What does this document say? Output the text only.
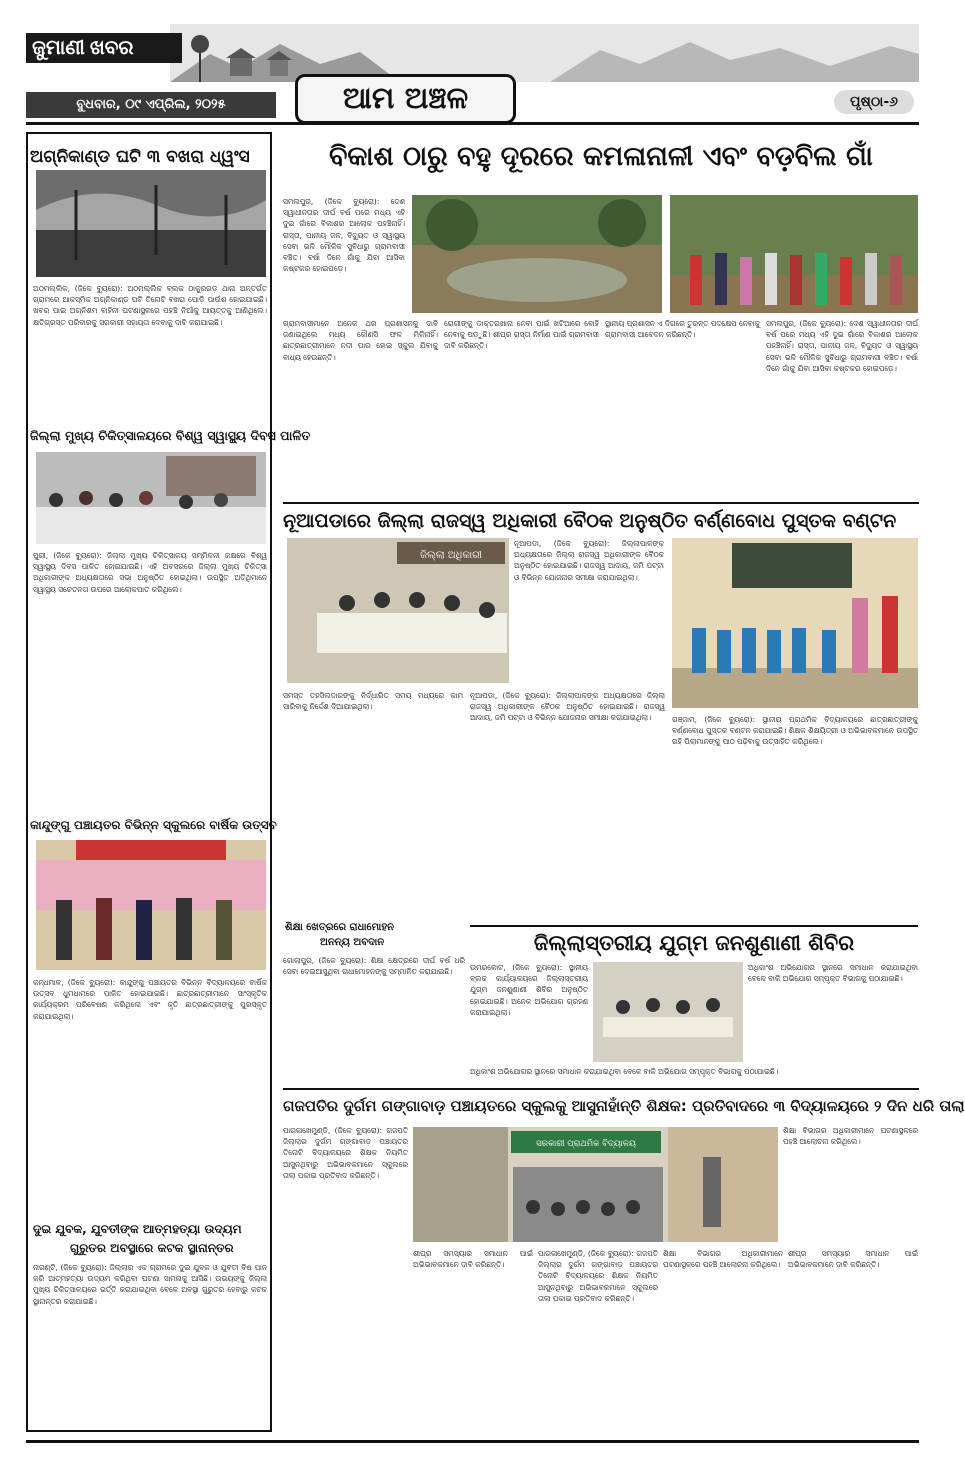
ଜୁମାଣୀ ଖବର
ବୁଧବାର, ୦୯ ଏପ୍ରିଲ, ୨୦୨୫	ଆମ ଅଞ୍ଚଳ	ପୃଷ୍ଠା-୬
ଅଗ୍ନିକାଣ୍ଡ ଘଟି ୩ ବଖରା ଧ୍ୱଂସ
ଅଠମଲ୍ଲିକ, (ଜିକେ ବ୍ୟୁରୋ): ଅଠମଲ୍ଲିକ ବ୍ଲକ ଠାକୁରଗଡ଼ ଥାନା ଅନ୍ତର୍ଗତ ଗ୍ରାମରେ ଆକସ୍ମିକ ଅଗ୍ନିକାଣ୍ଡ ଘଟି ତିନୋଟି ବଖରା ପୋଡ଼ି ପାଉଁଶ ହୋଇଯାଇଛି। ଖବର ପାଇ ଅଗ୍ନିଶମ ବାହିନୀ ଘଟଣାସ୍ଥଳରେ ପହଞ୍ଚି ନିଆଁକୁ ଆୟତ୍ତକୁ ଆଣିଥିଲେ। କ୍ଷତିଗ୍ରସ୍ତ ପରିବାରକୁ ସରକାରୀ ସହାୟତା ଦେବାକୁ ଦାବି କରାଯାଇଛି।
ଜିଲ୍ଲା ମୁଖ୍ୟ ଚିକିତ୍ସାଳୟରେ ବିଶ୍ୱ ସ୍ୱାସ୍ଥ୍ୟ ଦିବସ ପାଳିତ
ପୁରୀ, (ଜିକେ ବ୍ୟୁରୋ): ଜିଲ୍ଲା ମୁଖ୍ୟ ଚିକିତ୍ସାଳୟ ସମ୍ମିଳନୀ କକ୍ଷରେ ବିଶ୍ୱ ସ୍ୱାସ୍ଥ୍ୟ ଦିବସ ପାଳିତ ହୋଇଯାଇଛି। ଏହି ଅବସରରେ ଜିଲ୍ଲା ମୁଖ୍ୟ ଚିକିତ୍ସା ଅଧିକାରୀଙ୍କ ଅଧ୍ୟକ୍ଷତାରେ ସଭା ଅନୁଷ୍ଠିତ ହୋଇଥିଲା। ଉପସ୍ଥିତ ଅତିଥିମାନେ ସ୍ୱାସ୍ଥ୍ୟ ସଚେତନତା ଉପରେ ଆଲୋକପାତ କରିଥିଲେ।
କାନ୍ଦୁଙ୍ଗୁ ପଞ୍ଚାୟତର ବିଭିନ୍ନ ସ୍କୁଲରେ ବାର୍ଷିକ ଉତ୍ସବ
କନ୍ଧମାଳ, (ଜିକେ ବ୍ୟୁରୋ): କାନ୍ଦୁଙ୍ଗୁ ପଞ୍ଚାୟତର ବିଭିନ୍ନ ବିଦ୍ୟାଳୟରେ ବାର୍ଷିକ ଉତ୍ସବ ଧୁମଧାମରେ ପାଳିତ ହୋଇଯାଇଛି। ଛାତ୍ରଛାତ୍ରୀମାନେ ସାଂସ୍କୃତିକ କାର୍ଯ୍ୟକ୍ରମ ପରିବେଷଣ କରିଥିଲେ ଏବଂ କୃତି ଛାତ୍ରଛାତ୍ରୀଙ୍କୁ ପୁରସ୍କୃତ କରାଯାଇଥିଲା।
ଦୁଇ ଯୁବକ, ଯୁବତୀଙ୍କ ଆତ୍ମହତ୍ୟା ଉଦ୍ୟମ
ଗୁରୁତର ଅବସ୍ଥାରେ କଟକ ସ୍ଥାନାନ୍ତର
ନାରଣ୍ଟି, (ଜିକେ ବ୍ୟୁରୋ): ଜିଲ୍ଲାର ଏକ ଗ୍ରାମରେ ଦୁଇ ଯୁବକ ଓ ଯୁବତୀ ବିଷ ପାନ କରି ଆତ୍ମହତ୍ୟା ଉଦ୍ୟମ କରିଥିବା ଘଟଣା ସାମନାକୁ ଆସିଛି। ଉଭୟଙ୍କୁ ଜିଲ୍ଲା ମୁଖ୍ୟ ଚିକିତ୍ସାଳୟରେ ଭର୍ତ୍ତି କରାଯାଇଥିବା ବେଳେ ଅବସ୍ଥା ଗୁରୁତର ହେବାରୁ କଟକ ସ୍ଥାନାନ୍ତର କରାଯାଇଛି।
ବିକାଶ ଠାରୁ ବହୁ ଦୂରରେ କମଳାନାଳୀ ଏବଂ ବଡ଼ବିଲ ଗାଁ
ସମଲପୁର, (ଜିକେ ବ୍ୟୁରୋ): ଦେଶ ସ୍ୱାଧୀନତାର ଦୀର୍ଘ ବର୍ଷ ପରେ ମଧ୍ୟ ଏହି ଦୁଇ ଗାଁରେ ବିକାଶର ଆଲୋକ ପହଞ୍ଚିନାହିଁ। ରାସ୍ତା, ପାନୀୟ ଜଳ, ବିଦ୍ୟୁତ ଓ ସ୍ୱାସ୍ଥ୍ୟ ସେବା ଭଳି ମୌଳିକ ସୁବିଧାରୁ ଗ୍ରାମବାସୀ ବଞ୍ଚିତ। ବର୍ଷା ଦିନେ ଗାଁକୁ ଯିବା ଆସିବା କଷ୍ଟକର ହୋଇପଡ଼େ।
ଗ୍ରାମବାସୀମାନେ ଅନେକ ଥର ପ୍ରଶାସନକୁ ଦାବି ଜଣାଇଥିଲେ ମଧ୍ୟ କୌଣସି ଫଳ ମିଳିନାହିଁ। ଛାତ୍ରଛାତ୍ରୀମାନେ ନଦୀ ପାର ହୋଇ ସ୍କୁଲ ଯିବାକୁ ବାଧ୍ୟ ହେଉଛନ୍ତି।
ରୋଗୀଙ୍କୁ ଡାକ୍ତରଖାନା ନେବା ପାଇଁ ଖଟିଆରେ ବୋହି ନେବାକୁ ପଡ଼ୁଛି। ଶୀଘ୍ର ରାସ୍ତା ନିର୍ମାଣ ପାଇଁ ଗ୍ରାମବାସୀ ଦାବି କରିଛନ୍ତି।
ସ୍ଥାନୀୟ ପ୍ରଶାସନ ଏ ଦିଗରେ ତୁରନ୍ତ ପଦକ୍ଷେପ ନେବାକୁ ଗ୍ରାମବାସୀ ଆବେଦନ କରିଛନ୍ତି।
ସମଲପୁର, (ଜିକେ ବ୍ୟୁରୋ): ଦେଶ ସ୍ୱାଧୀନତାର ଦୀର୍ଘ ବର୍ଷ ପରେ ମଧ୍ୟ ଏହି ଦୁଇ ଗାଁରେ ବିକାଶର ଆଲୋକ ପହଞ୍ଚିନାହିଁ। ରାସ୍ତା, ପାନୀୟ ଜଳ, ବିଦ୍ୟୁତ ଓ ସ୍ୱାସ୍ଥ୍ୟ ସେବା ଭଳି ମୌଳିକ ସୁବିଧାରୁ ଗ୍ରାମବାସୀ ବଞ୍ଚିତ। ବର୍ଷା ଦିନେ ଗାଁକୁ ଯିବା ଆସିବା କଷ୍ଟକର ହୋଇପଡ଼େ।
ନୂଆପଡାରେ ଜିଲ୍ଲା ରାଜସ୍ୱ ଅଧିକାରୀ ବୈଠକ ଅନୁଷ୍ଠିତ
ଜିଲ୍ଲା ଅଧିକାରୀ
ନୂଆପଡା, (ଜିକେ ବ୍ୟୁରୋ): ଜିଲ୍ଲାପାଳଙ୍କ ଅଧ୍ୟକ୍ଷତାରେ ଜିଲ୍ଲା ରାଜସ୍ୱ ଅଧିକାରୀଙ୍କ ବୈଠକ ଅନୁଷ୍ଠିତ ହୋଇଯାଇଛି। ରାଜସ୍ୱ ଆଦାୟ, ଜମି ପଟ୍ଟା ଓ ବିଭିନ୍ନ ଯୋଜନାର ସମୀକ୍ଷା କରାଯାଇଥିଲା।
ସମସ୍ତ ତହସିଲଦାରଙ୍କୁ ନିର୍ଦ୍ଧାରିତ ସମୟ ମଧ୍ୟରେ କାମ ସାରିବାକୁ ନିର୍ଦ୍ଦେଶ ଦିଆଯାଇଥିଲା।
ନୂଆପଡା, (ଜିକେ ବ୍ୟୁରୋ): ଜିଲ୍ଲାପାଳଙ୍କ ଅଧ୍ୟକ୍ଷତାରେ ଜିଲ୍ଲା ରାଜସ୍ୱ ଅଧିକାରୀଙ୍କ ବୈଠକ ଅନୁଷ୍ଠିତ ହୋଇଯାଇଛି। ରାଜସ୍ୱ ଆଦାୟ, ଜମି ପଟ୍ଟା ଓ ବିଭିନ୍ନ ଯୋଜନାର ସମୀକ୍ଷା କରାଯାଇଥିଲା।
ଶିକ୍ଷା ଖେତ୍ରରେ ରାଧାମୋହନ
ଅନନ୍ୟ ଅବଦାନ
ଗୋଲାପୁର, (ଜିକେ ବ୍ୟୁରୋ): ଶିକ୍ଷା କ୍ଷେତ୍ରରେ ଦୀର୍ଘ ବର୍ଷ ଧରି ସେବା ଦେଇଆସୁଥିବା ରାଧାମୋହନଙ୍କୁ ସମ୍ମାନିତ କରାଯାଇଛି।
ବର୍ଣ୍ଣବୋଧ ପୁସ୍ତକ ବଣ୍ଟନ
ଗଞ୍ଜାମ, (ଜିକେ ବ୍ୟୁରୋ): ସ୍ଥାନୀୟ ପ୍ରାଥମିକ ବିଦ୍ୟାଳୟରେ ଛାତ୍ରଛାତ୍ରୀଙ୍କୁ ବର୍ଣ୍ଣବୋଧ ପୁସ୍ତକ ବଣ୍ଟନ କରାଯାଇଛି। ଶିକ୍ଷକ ଶିକ୍ଷୟିତ୍ରୀ ଓ ଅଭିଭାବକମାନେ ଉପସ୍ଥିତ ରହି ପିଲାମାନଙ୍କୁ ପାଠ ପଢ଼ିବାକୁ ଉତ୍ସାହିତ କରିଥିଲେ।
ଜିଲ୍ଲାସ୍ତରୀୟ ଯୁଗ୍ମ ଜନଶୁଣାଣୀ ଶିବିର
ଉମରକୋଟ, (ଜିକେ ବ୍ୟୁରୋ): ସ୍ଥାନୀୟ ବ୍ଲକ କାର୍ଯ୍ୟାଳୟରେ ଜିଲ୍ଲାସ୍ତରୀୟ ଯୁଗ୍ମ ଜନଶୁଣାଣୀ ଶିବିର ଅନୁଷ୍ଠିତ ହୋଇଯାଇଛି। ଅନେକ ଅଭିଯୋଗ ଗ୍ରହଣ କରାଯାଇଥିଲା।
ଅଧିକାଂଶ ଅଭିଯୋଗର ସ୍ଥାନରେ ସମାଧାନ କରାଯାଇଥିବା ବେଳେ ବାକି ଅଭିଯୋଗ ସମ୍ପୃକ୍ତ ବିଭାଗକୁ ପଠାଯାଇଛି।
ଅଧିକାଂଶ ଅଭିଯୋଗର ସ୍ଥାନରେ ସମାଧାନ କରାଯାଇଥିବା ବେଳେ ବାକି ଅଭିଯୋଗ ସମ୍ପୃକ୍ତ ବିଭାଗକୁ ପଠାଯାଇଛି।
ଗଜପତିର ଦୁର୍ଗମ ଗଙ୍ଗାବାଡ଼ ପଞ୍ଚାୟତରେ ସ୍କୁଲକୁ ଆସୁନାହାଁନ୍ତି ଶିକ୍ଷକ: ପ୍ରତିବାଦରେ ୩ ବିଦ୍ୟାଳୟରେ ୨ ଦିନ ଧରି ତାଲା
ପାରଳାଖେମୁଣ୍ଡି, (ଜିକେ ବ୍ୟୁରୋ): ଗଜପତି ଜିଲ୍ଲାର ଦୁର୍ଗମ ଗଙ୍ଗାବାଡ଼ ପଞ୍ଚାୟତର ତିନୋଟି ବିଦ୍ୟାଳୟରେ ଶିକ୍ଷକ ନିୟମିତ ଆସୁନଥିବାରୁ ଅଭିଭାବକମାନେ ସ୍କୁଲରେ ତାଲା ପକାଇ ପ୍ରତିବାଦ କରିଛନ୍ତି।
ସରକାରୀ ପ୍ରାଥମିକ ବିଦ୍ୟାଳୟ
ଶିକ୍ଷା ବିଭାଗର ଅଧିକାରୀମାନେ ଘଟଣାସ୍ଥଳରେ ପହଞ୍ଚି ଆଲୋଚନା କରିଥିଲେ।
ଶୀଘ୍ର ସମସ୍ୟାର ସମାଧାନ ପାଇଁ ଅଭିଭାବକମାନେ ଦାବି କରିଛନ୍ତି।
ପାରଳାଖେମୁଣ୍ଡି, (ଜିକେ ବ୍ୟୁରୋ): ଗଜପତି ଜିଲ୍ଲାର ଦୁର୍ଗମ ଗଙ୍ଗାବାଡ଼ ପଞ୍ଚାୟତର ତିନୋଟି ବିଦ୍ୟାଳୟରେ ଶିକ୍ଷକ ନିୟମିତ ଆସୁନଥିବାରୁ ଅଭିଭାବକମାନେ ସ୍କୁଲରେ ତାଲା ପକାଇ ପ୍ରତିବାଦ କରିଛନ୍ତି।
ଶିକ୍ଷା ବିଭାଗର ଅଧିକାରୀମାନେ ଘଟଣାସ୍ଥଳରେ ପହଞ୍ଚି ଆଲୋଚନା କରିଥିଲେ।
ଶୀଘ୍ର ସମସ୍ୟାର ସମାଧାନ ପାଇଁ ଅଭିଭାବକମାନେ ଦାବି କରିଛନ୍ତି।
